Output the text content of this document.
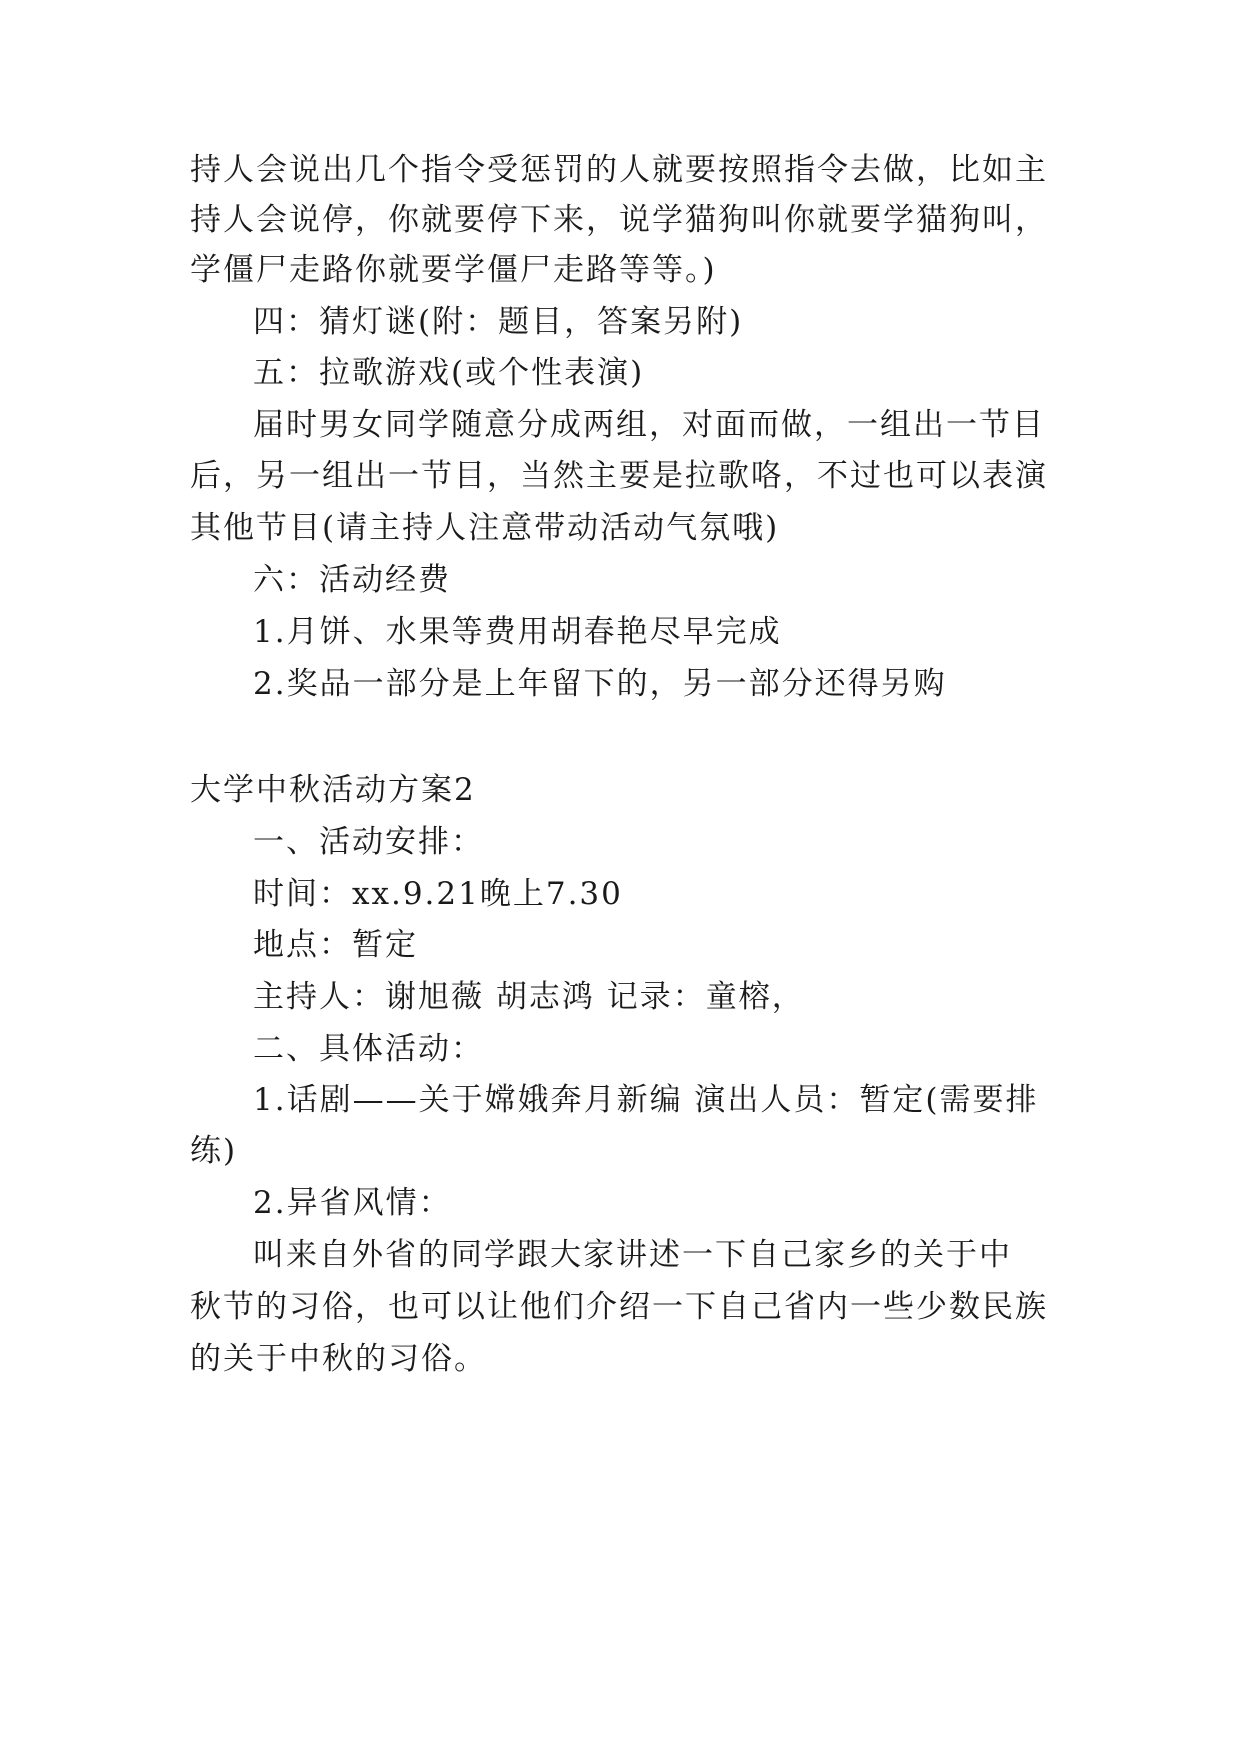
持人会说出几个指令受惩罚的人就要按照指令去做，比如主
持人会说停，你就要停下来，说学猫狗叫你就要学猫狗叫，
学僵尸走路你就要学僵尸走路等等。)
四：猜灯谜(附：题目，答案另附)
五：拉歌游戏(或个性表演)
届时男女同学随意分成两组，对面而做，一组出一节目
后，另一组出一节目，当然主要是拉歌咯，不过也可以表演
其他节目(请主持人注意带动活动气氛哦)
六：活动经费
1.月饼、水果等费用胡春艳尽早完成
2.奖品一部分是上年留下的，另一部分还得另购
大学中秋活动方案2
一、活动安排：
时间：xx.9.21晚上7.30
地点：暂定
主持人：谢旭薇 胡志鸿 记录：童榕，
二、具体活动：
1.话剧——关于嫦娥奔月新编 演出人员：暂定(需要排
练)
2.异省风情：
叫来自外省的同学跟大家讲述一下自己家乡的关于中
秋节的习俗，也可以让他们介绍一下自己省内一些少数民族
的关于中秋的习俗。
